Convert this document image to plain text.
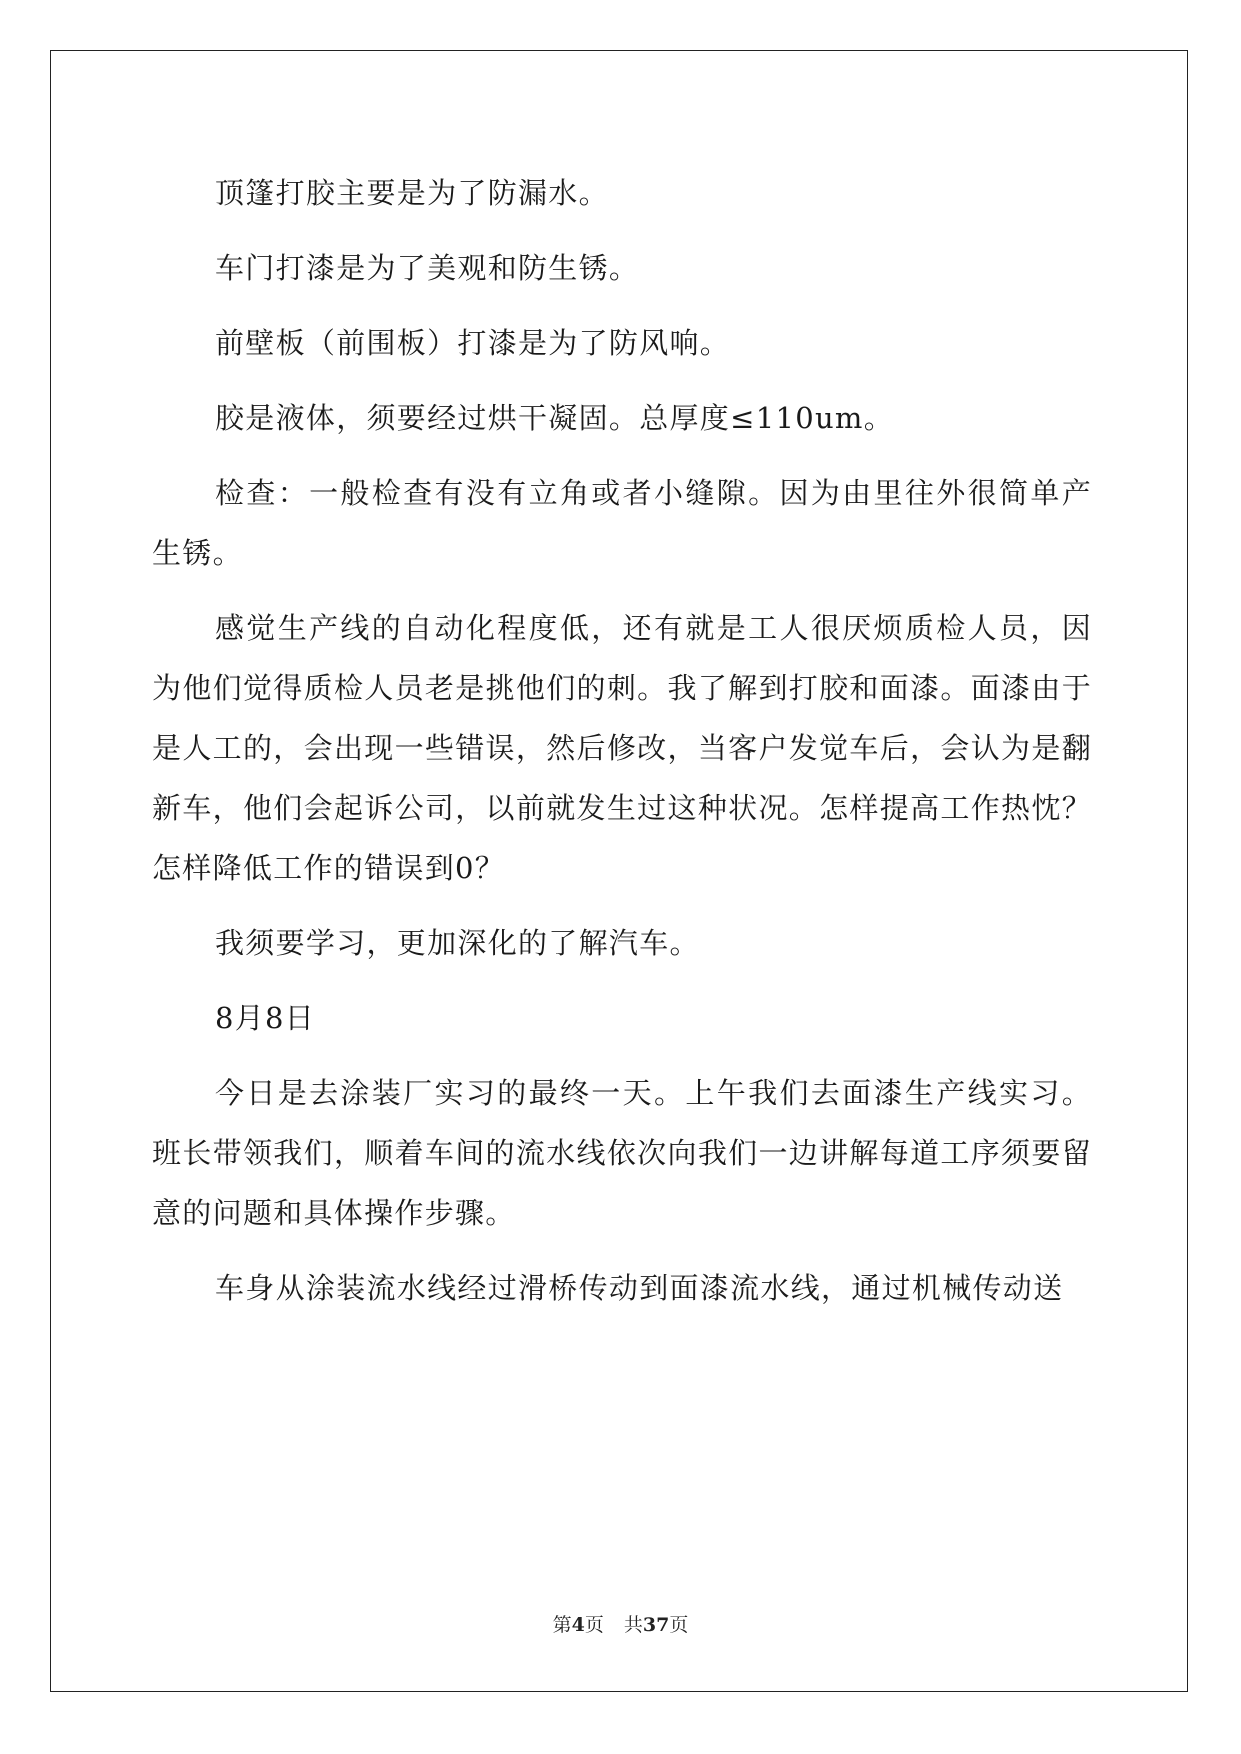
顶篷打胶主要是为了防漏水。

车门打漆是为了美观和防生锈。

前壁板（前围板）打漆是为了防风响。

胶是液体，须要经过烘干凝固。总厚度≤110um。

检查：一般检查有没有立角或者小缝隙。因为由里往外很简单产生锈。

感觉生产线的自动化程度低，还有就是工人很厌烦质检人员，因为他们觉得质检人员老是挑他们的刺。我了解到打胶和面漆。面漆由于是人工的，会出现一些错误，然后修改，当客户发觉车后，会认为是翻新车，他们会起诉公司，以前就发生过这种状况。怎样提高工作热忱？怎样降低工作的错误到0？

我须要学习，更加深化的了解汽车。

8月8日

今日是去涂装厂实习的最终一天。上午我们去面漆生产线实习。班长带领我们，顺着车间的流水线依次向我们一边讲解每道工序须要留意的问题和具体操作步骤。

车身从涂装流水线经过滑桥传动到面漆流水线，通过机械传动送

第4页 共37页
